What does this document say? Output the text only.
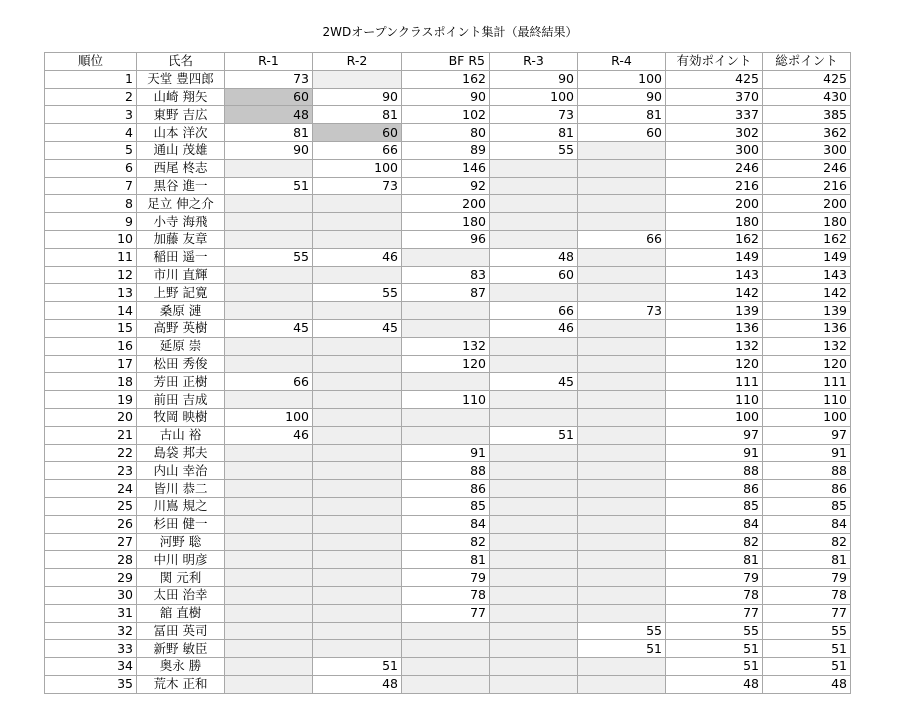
2WDオープンクラスポイント集計（最終結果）
順位	氏名	R-1	R-2	BF R5	R-3	R-4	有効ポイント	総ポイント
1	天堂 豊四郎	73		162	90	100	425	425
2	山崎 翔矢	60	90	90	100	90	370	430
3	東野 吉広	48	81	102	73	81	337	385
4	山本 洋次	81	60	80	81	60	302	362
5	通山 茂雄	90	66	89	55		300	300
6	西尾 柊志		100	146			246	246
7	黒谷 進一	51	73	92			216	216
8	足立 伸之介			200			200	200
9	小寺 海飛			180			180	180
10	加藤 友章			96		66	162	162
11	稲田 遥一	55	46		48		149	149
12	市川 直輝			83	60		143	143
13	上野 記寛		55	87			142	142
14	桑原 漣				66	73	139	139
15	高野 英樹	45	45		46		136	136
16	延原 崇			132			132	132
17	松田 秀俊			120			120	120
18	芳田 正樹	66			45		111	111
19	前田 吉成			110			110	110
20	牧岡 映樹	100					100	100
21	古山 裕	46			51		97	97
22	島袋 邦夫			91			91	91
23	内山 幸治			88			88	88
24	皆川 恭二			86			86	86
25	川嶌 規之			85			85	85
26	杉田 健一			84			84	84
27	河野 聡			82			82	82
28	中川 明彦			81			81	81
29	関 元利			79			79	79
30	太田 治幸			78			78	78
31	舘 直樹			77			77	77
32	冨田 英司					55	55	55
33	新野 敏臣					51	51	51
34	奥永 勝		51				51	51
35	荒木 正和		48				48	48
